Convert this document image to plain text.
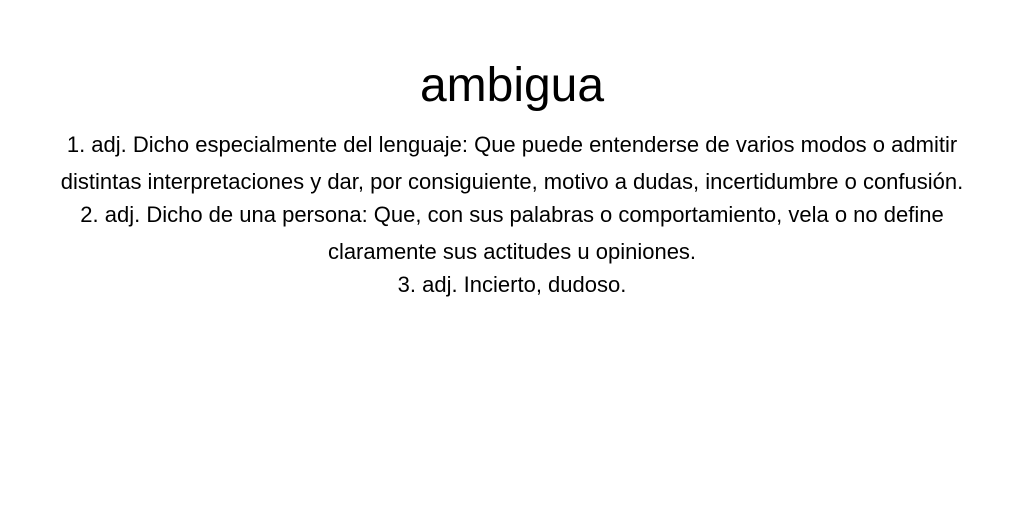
ambigua

1. adj. Dicho especialmente del lenguaje: Que puede entenderse de varios modos o admitir distintas interpretaciones y dar, por consiguiente, motivo a dudas, incertidumbre o confusión.

2. adj. Dicho de una persona: Que, con sus palabras o comportamiento, vela o no define claramente sus actitudes u opiniones.

3. adj. Incierto, dudoso.
